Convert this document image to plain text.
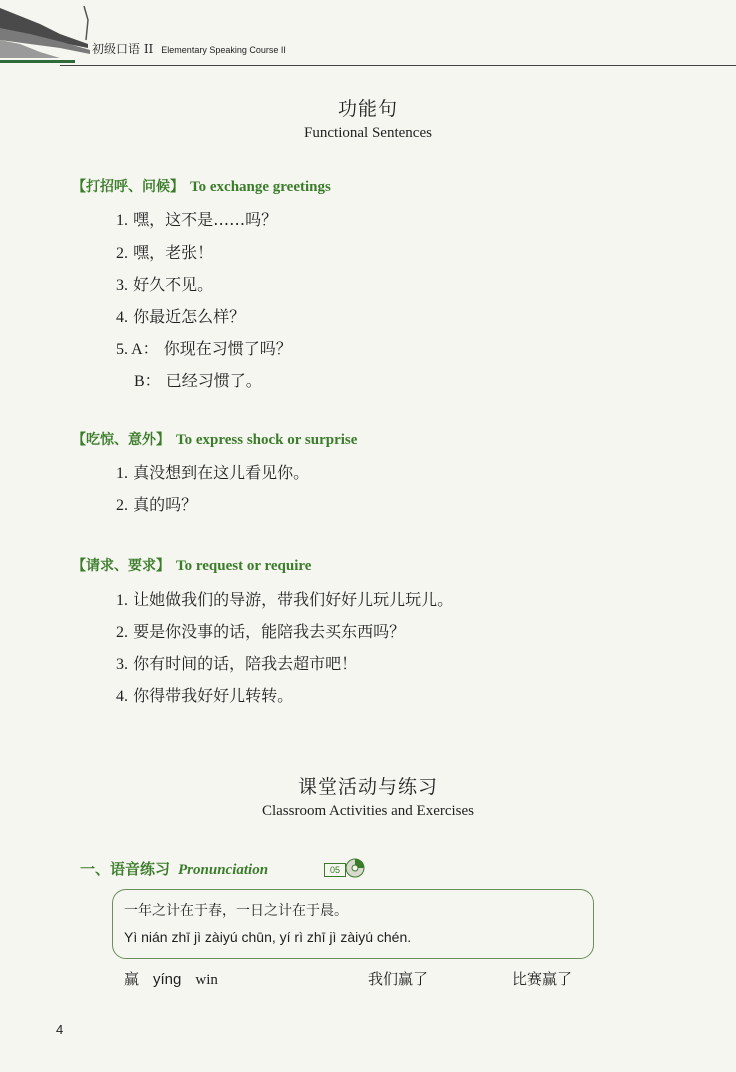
初级口语 II Elementary Speaking Course II
功能句
Functional Sentences
【打招呼、问候】 To exchange greetings
1. 嘿，这不是……吗？
2. 嘿，老张！
3. 好久不见。
4. 你最近怎么样？
5. A： 你现在习惯了吗？
B： 已经习惯了。
【吃惊、意外】 To express shock or surprise
1. 真没想到在这儿看见你。
2. 真的吗？
【请求、要求】 To request or require
1. 让她做我们的导游，带我们好好儿玩儿玩儿。
2. 要是你没事的话，能陪我去买东西吗？
3. 你有时间的话，陪我去超市吧！
4. 你得带我好好儿转转。
课堂活动与练习
Classroom Activities and Exercises
一、语音练习 Pronunciation	05
一年之计在于春，一日之计在于晨。
Yì nián zhī jì zàiyú chūn, yí rì zhī jì zàiyú chén.
赢 yíng win	我们赢了	比赛赢了
4
